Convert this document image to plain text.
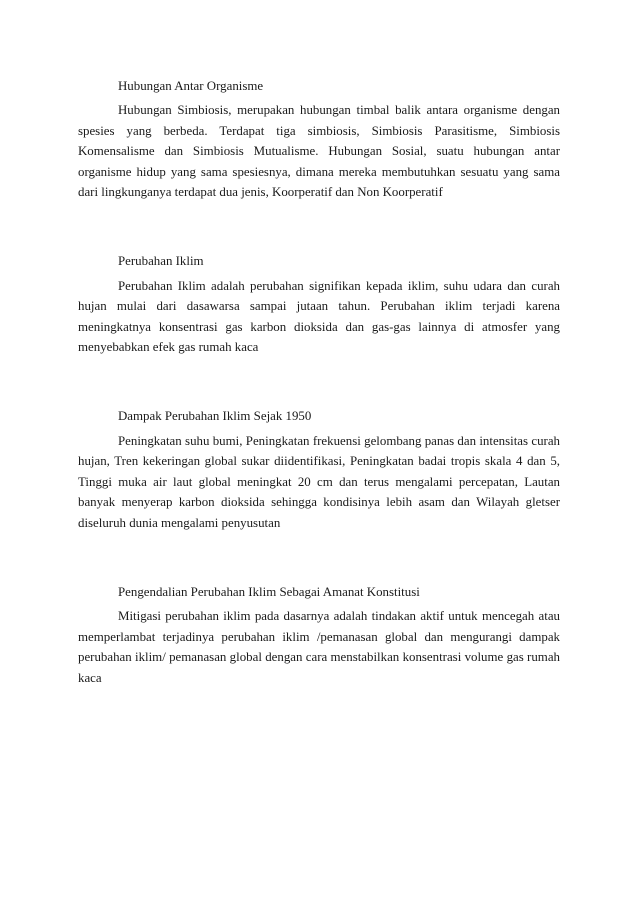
Hubungan Antar Organisme

Hubungan Simbiosis, merupakan hubungan timbal balik antara organisme dengan spesies yang berbeda. Terdapat tiga simbiosis, Simbiosis Parasitisme, Simbiosis Komensalisme dan Simbiosis Mutualisme. Hubungan Sosial, suatu hubungan antar organisme hidup yang sama spesiesnya, dimana mereka membutuhkan sesuatu yang sama dari lingkunganya terdapat dua jenis, Koorperatif dan Non Koorperatif

Perubahan Iklim

Perubahan Iklim adalah perubahan signifikan kepada iklim, suhu udara dan curah hujan mulai dari dasawarsa sampai jutaan tahun. Perubahan iklim terjadi karena meningkatnya konsentrasi gas karbon dioksida dan gas-gas lainnya di atmosfer yang menyebabkan efek gas rumah kaca

Dampak Perubahan Iklim Sejak 1950

Peningkatan suhu bumi, Peningkatan frekuensi gelombang panas dan intensitas curah hujan, Tren kekeringan global sukar diidentifikasi, Peningkatan badai tropis skala 4 dan 5, Tinggi muka air laut global meningkat 20 cm dan terus mengalami percepatan, Lautan banyak menyerap karbon dioksida sehingga kondisinya lebih asam dan Wilayah gletser diseluruh dunia mengalami penyusutan

Pengendalian Perubahan Iklim Sebagai Amanat Konstitusi

Mitigasi perubahan iklim pada dasarnya adalah tindakan aktif untuk mencegah atau memperlambat terjadinya perubahan iklim /pemanasan global dan mengurangi dampak perubahan iklim/ pemanasan global dengan cara menstabilkan konsentrasi volume gas rumah kaca
